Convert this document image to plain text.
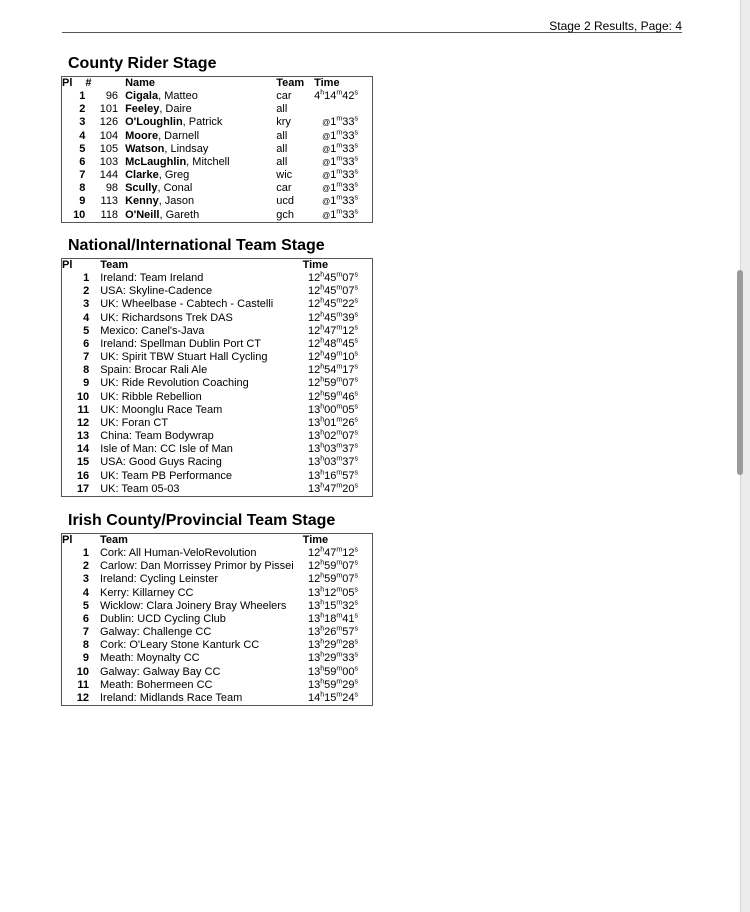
Stage 2 Results, Page: 4
County Rider Stage
Pl	#	Name	Team	Time
1	96	Cigala, Matteo	car	4$^h$14$^m$42$^s$
2	101	Feeley, Daire	all	
3	126	O'Loughlin, Patrick	kry	@1$^m$33$^s$
4	104	Moore, Darnell	all	@1$^m$33$^s$
5	105	Watson, Lindsay	all	@1$^m$33$^s$
6	103	McLaughlin, Mitchell	all	@1$^m$33$^s$
7	144	Clarke, Greg	wic	@1$^m$33$^s$
8	98	Scully, Conal	car	@1$^m$33$^s$
9	113	Kenny, Jason	ucd	@1$^m$33$^s$
10	118	O'Neill, Gareth	gch	@1$^m$33$^s$
National/International Team Stage
Pl	Team	Time
1	Ireland: Team Ireland	12$^h$45$^m$07$^s$
2	USA: Skyline-Cadence	12$^h$45$^m$07$^s$
3	UK: Wheelbase - Cabtech - Castelli	12$^h$45$^m$22$^s$
4	UK: Richardsons Trek DAS	12$^h$45$^m$39$^s$
5	Mexico: Canel's-Java	12$^h$47$^m$12$^s$
6	Ireland: Spellman Dublin Port CT	12$^h$48$^m$45$^s$
7	UK: Spirit TBW Stuart Hall Cycling	12$^h$49$^m$10$^s$
8	Spain: Brocar Rali Ale	12$^h$54$^m$17$^s$
9	UK: Ride Revolution Coaching	12$^h$59$^m$07$^s$
10	UK: Ribble Rebellion	12$^h$59$^m$46$^s$
11	UK: Moonglu Race Team	13$^h$00$^m$05$^s$
12	UK: Foran CT	13$^h$01$^m$26$^s$
13	China: Team Bodywrap	13$^h$02$^m$07$^s$
14	Isle of Man: CC Isle of Man	13$^h$03$^m$37$^s$
15	USA: Good Guys Racing	13$^h$03$^m$37$^s$
16	UK: Team PB Performance	13$^h$16$^m$57$^s$
17	UK: Team 05-03	13$^h$47$^m$20$^s$
Irish County/Provincial Team Stage
Pl	Team	Time
1	Cork: All Human-VeloRevolution	12$^h$47$^m$12$^s$
2	Carlow: Dan Morrissey Primor by Pissei	12$^h$59$^m$07$^s$
3	Ireland: Cycling Leinster	12$^h$59$^m$07$^s$
4	Kerry: Killarney CC	13$^h$12$^m$05$^s$
5	Wicklow: Clara Joinery Bray Wheelers	13$^h$15$^m$32$^s$
6	Dublin: UCD Cycling Club	13$^h$18$^m$41$^s$
7	Galway: Challenge CC	13$^h$26$^m$57$^s$
8	Cork: O'Leary Stone Kanturk CC	13$^h$29$^m$28$^s$
9	Meath: Moynalty CC	13$^h$29$^m$33$^s$
10	Galway: Galway Bay CC	13$^h$59$^m$00$^s$
11	Meath: Bohermeen CC	13$^h$59$^m$29$^s$
12	Ireland: Midlands Race Team	14$^h$15$^m$24$^s$
